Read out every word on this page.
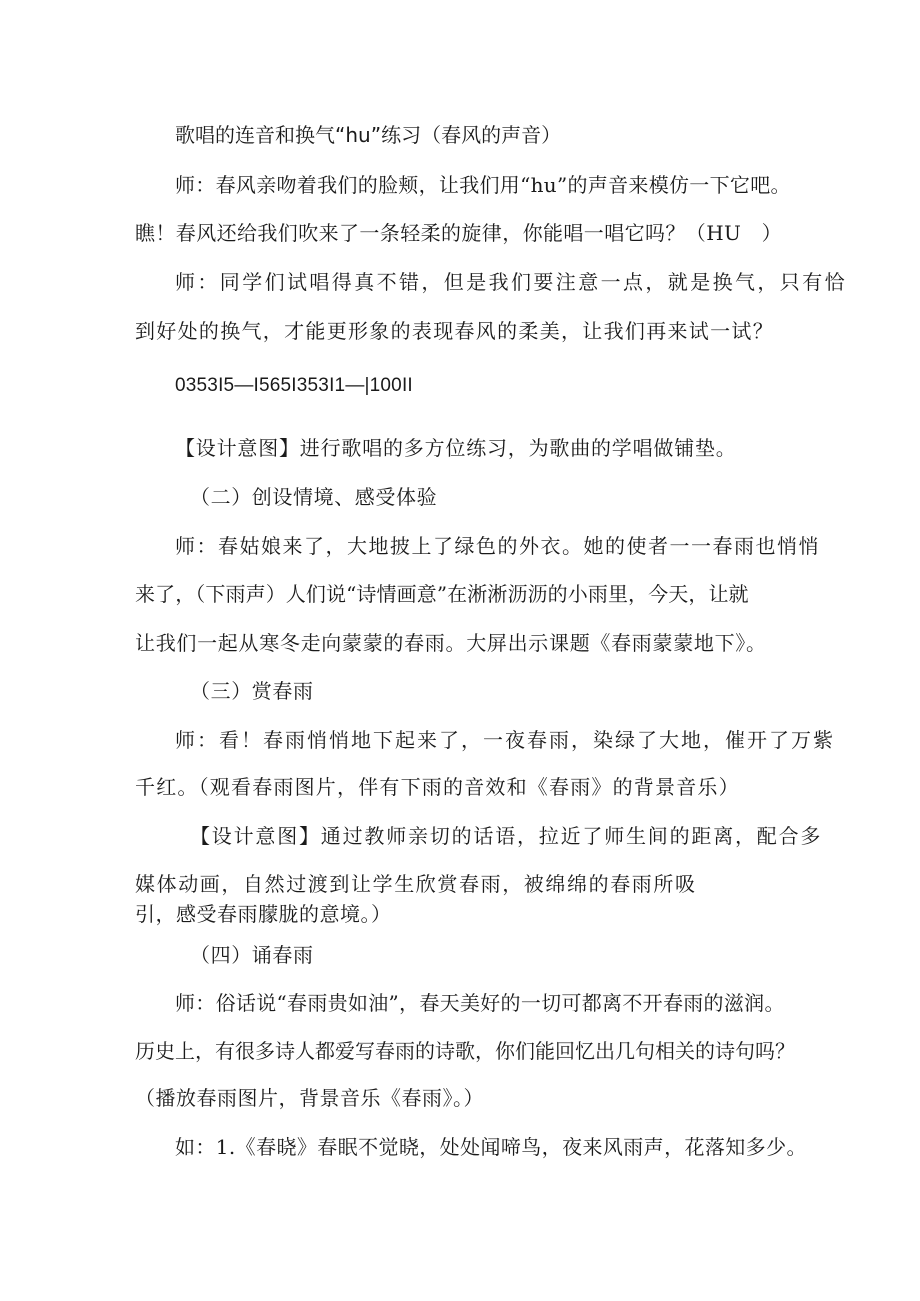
歌唱的连音和换气“hu”练习（春风的声音）
师：春风亲吻着我们的脸颊，让我们用“hu”的声音来模仿一下它吧。
瞧！春风还给我们吹来了一条轻柔的旋律，你能唱一唱它吗？（HU   ）
师：同学们试唱得真不错，但是我们要注意一点，就是换气，只有恰
到好处的换气，才能更形象的表现春风的柔美，让我们再来试一试？
0353I5—I565I353I1—|100II
【设计意图】进行歌唱的多方位练习，为歌曲的学唱做铺垫。
（二）创设情境、感受体验
师：春姑娘来了，大地披上了绿色的外衣。她的使者一一春雨也悄悄
来了，（下雨声）人们说“诗情画意”在淅淅沥沥的小雨里，今天，让就
让我们一起从寒冬走向蒙蒙的春雨。大屏出示课题《春雨蒙蒙地下》。
（三）赏春雨
师：看！春雨悄悄地下起来了，一夜春雨，染绿了大地，催开了万紫
千红。（观看春雨图片，伴有下雨的音效和《春雨》的背景音乐）
【设计意图】通过教师亲切的话语，拉近了师生间的距离，配合多
媒体动画，自然过渡到让学生欣赏春雨，被绵绵的春雨所吸
引，感受春雨朦胧的意境。）
（四）诵春雨
师：俗话说“春雨贵如油”，春天美好的一切可都离不开春雨的滋润。
历史上，有很多诗人都爱写春雨的诗歌，你们能回忆出几句相关的诗句吗？
（播放春雨图片，背景音乐《春雨》。）
如：1.《春晓》春眠不觉晓，处处闻啼鸟，夜来风雨声，花落知多少。
